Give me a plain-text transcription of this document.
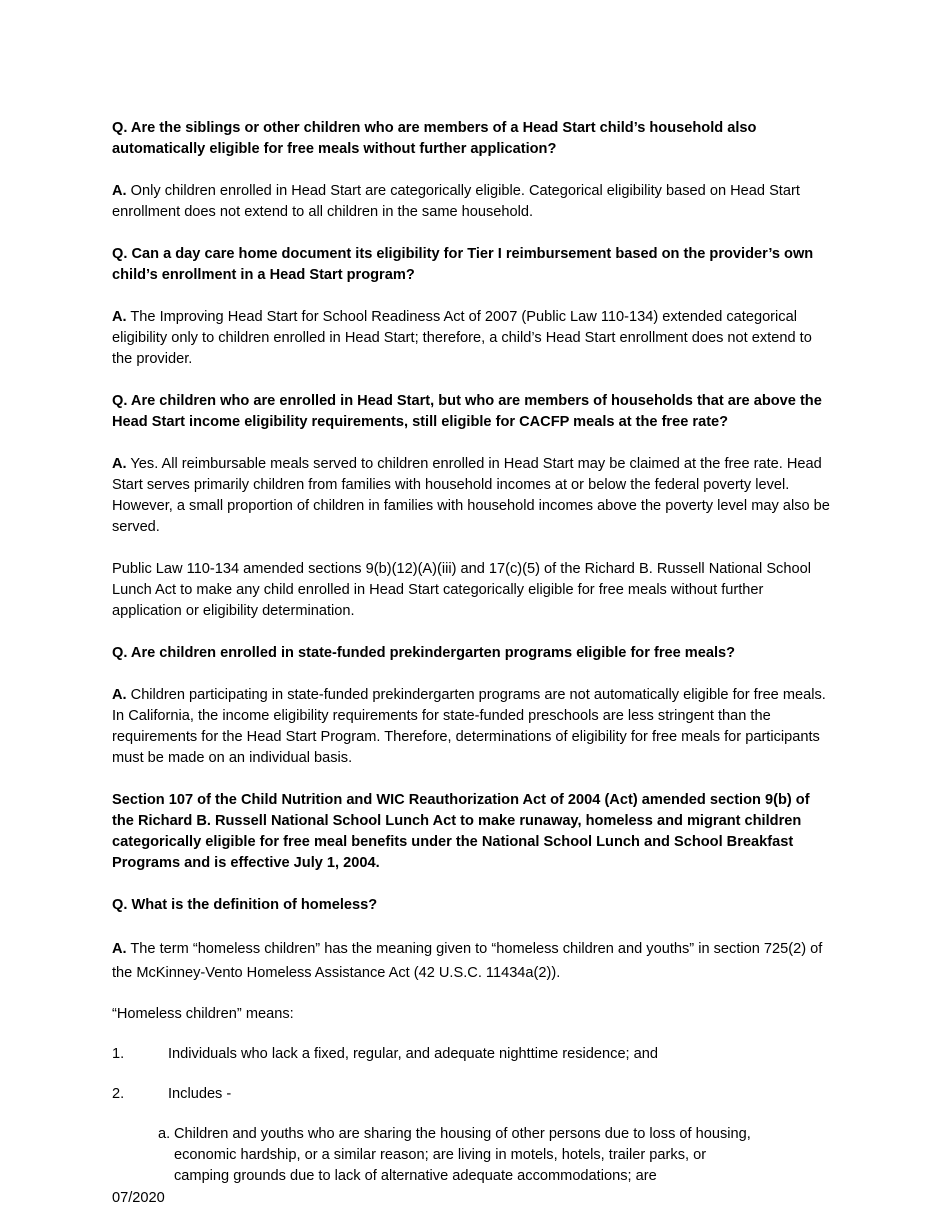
Q. Are the siblings or other children who are members of a Head Start child’s household also automatically eligible for free meals without further application?

A. Only children enrolled in Head Start are categorically eligible. Categorical eligibility based on Head Start enrollment does not extend to all children in the same household.

Q. Can a day care home document its eligibility for Tier I reimbursement based on the provider’s own child’s enrollment in a Head Start program?

A. The Improving Head Start for School Readiness Act of 2007 (Public Law 110-134) extended categorical eligibility only to children enrolled in Head Start; therefore, a child’s Head Start enrollment does not extend to the provider.

Q. Are children who are enrolled in Head Start, but who are members of households that are above the Head Start income eligibility requirements, still eligible for CACFP meals at the free rate?

A. Yes. All reimbursable meals served to children enrolled in Head Start may be claimed at the free rate. Head Start serves primarily children from families with household incomes at or below the federal poverty level. However, a small proportion of children in families with household incomes above the poverty level may also be served.

Public Law 110-134 amended sections 9(b)(12)(A)(iii) and 17(c)(5) of the Richard B. Russell National School Lunch Act to make any child enrolled in Head Start categorically eligible for free meals without further application or eligibility determination.

Q. Are children enrolled in state-funded prekindergarten programs eligible for free meals?

A. Children participating in state-funded prekindergarten programs are not automatically eligible for free meals. In California, the income eligibility requirements for state-funded preschools are less stringent than the requirements for the Head Start Program. Therefore, determinations of eligibility for free meals for participants must be made on an individual basis.

Section 107 of the Child Nutrition and WIC Reauthorization Act of 2004 (Act) amended section 9(b) of the Richard B. Russell National School Lunch Act to make runaway, homeless and migrant children categorically eligible for free meal benefits under the National School Lunch and School Breakfast Programs and is effective July 1, 2004.

Q. What is the definition of homeless?

A. The term “homeless children” has the meaning given to “homeless children and youths” in section 725(2) of the McKinney-Vento Homeless Assistance Act (42 U.S.C. 11434a(2)).

“Homeless children” means:

1.	Individuals who lack a fixed, regular, and adequate nighttime residence; and
2.	Includes -
a. Children and youths who are sharing the housing of other persons due to loss of housing, economic hardship, or a similar reason; are living in motels, hotels, trailer parks, or camping grounds due to lack of alternative adequate accommodations; are
07/2020
